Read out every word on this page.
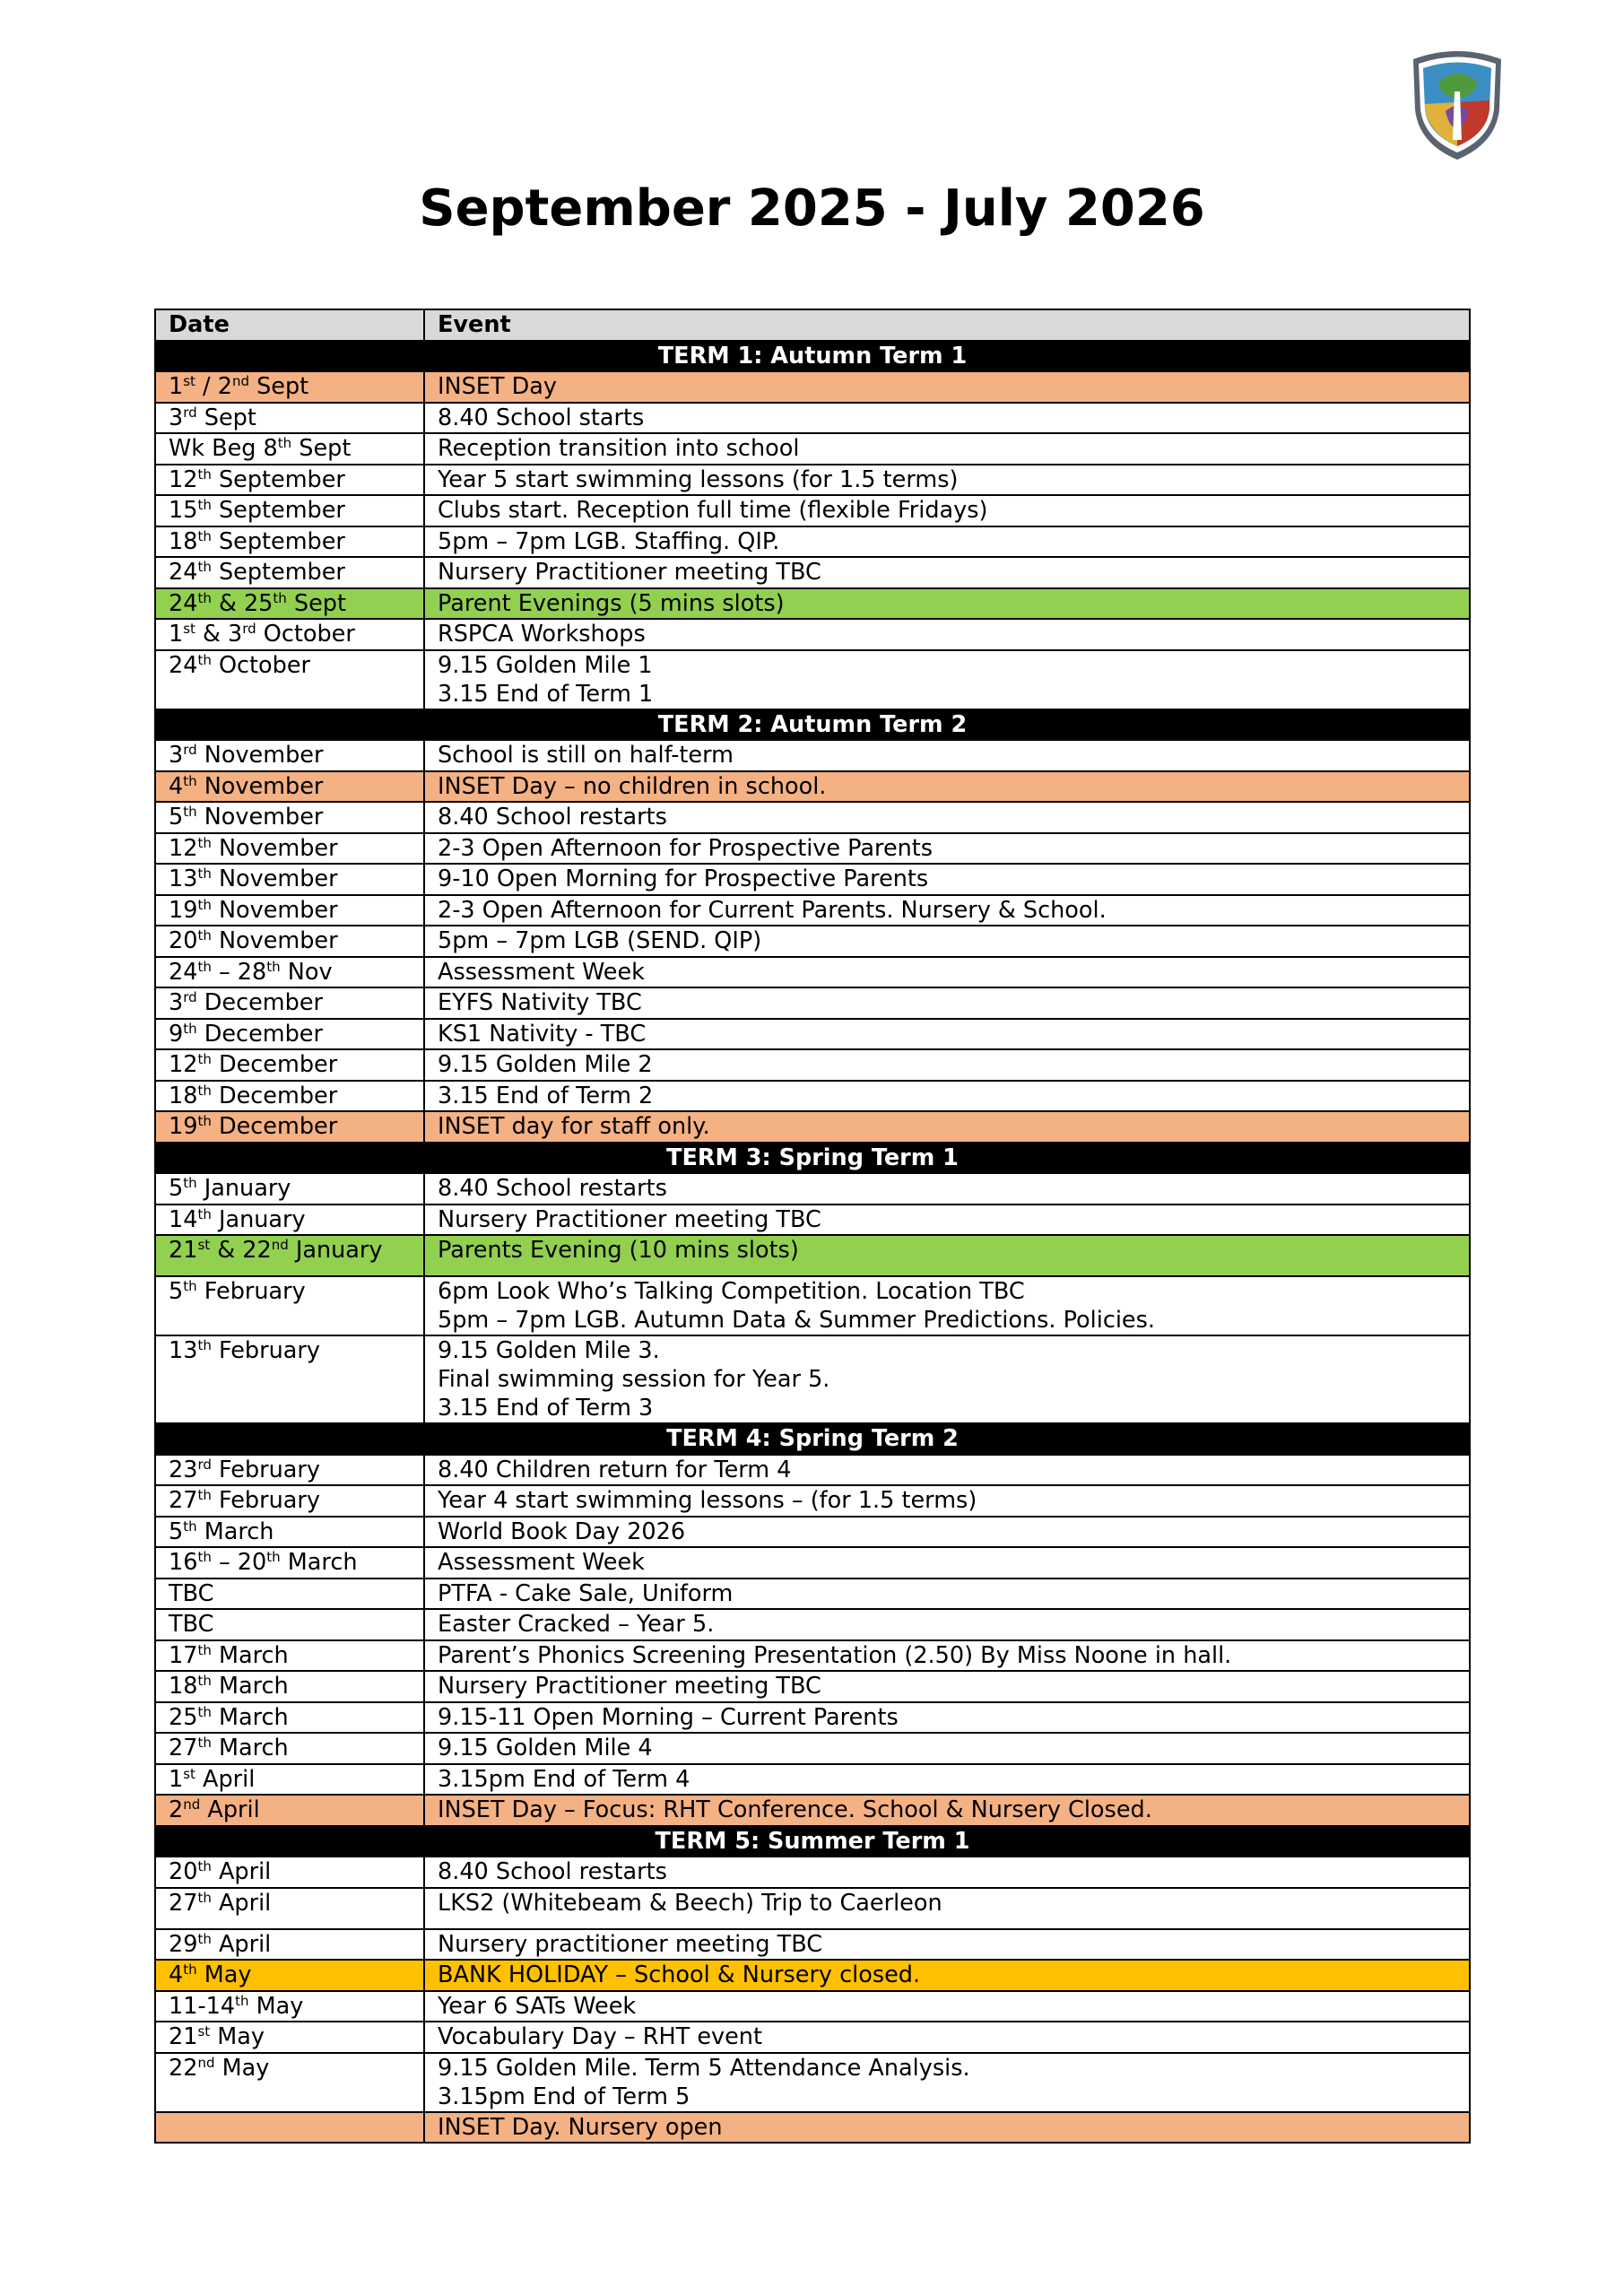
September 2025 - July 2026
Date	Event
TERM 1: Autumn Term 1	
1st / 2nd Sept	INSET Day

3rd Sept	8.40 School starts

Wk Beg 8th Sept	Reception transition into school

12th September	Year 5 start swimming lessons (for 1.5 terms)

15th September	Clubs start. Reception full time (flexible Fridays)

18th September	5pm – 7pm LGB. Staffing. QIP.

24th September	Nursery Practitioner meeting TBC

24th & 25th Sept	Parent Evenings (5 mins slots)

1st & 3rd October	RSPCA Workshops

24th October	9.15 Golden Mile 1
3.15 End of Term 1

TERM 2: Autumn Term 2	
3rd November	School is still on half-term

4th November	INSET Day – no children in school.

5th November	8.40 School restarts

12th November	2-3 Open Afternoon for Prospective Parents

13th November	9-10 Open Morning for Prospective Parents

19th November	2-3 Open Afternoon for Current Parents. Nursery & School.

20th November	5pm – 7pm LGB (SEND. QIP)

24th – 28th Nov	Assessment Week

3rd December	EYFS Nativity TBC

9th December	KS1 Nativity - TBC

12th December	9.15 Golden Mile 2

18th December	3.15 End of Term 2

19th December	INSET day for staff only.

TERM 3: Spring Term 1	
5th January	8.40 School restarts

14th January	Nursery Practitioner meeting TBC

21st & 22nd January	Parents Evening (10 mins slots)

5th February	6pm Look Who’s Talking Competition. Location TBC
5pm – 7pm LGB. Autumn Data & Summer Predictions. Policies.

13th February	9.15 Golden Mile 3.
Final swimming session for Year 5.
3.15 End of Term 3

TERM 4: Spring Term 2	
23rd February	8.40 Children return for Term 4

27th February	Year 4 start swimming lessons – (for 1.5 terms)

5th March	World Book Day 2026

16th – 20th March	Assessment Week

TBC	PTFA - Cake Sale, Uniform

TBC	Easter Cracked – Year 5.

17th March	Parent’s Phonics Screening Presentation (2.50) By Miss Noone in hall.

18th March	Nursery Practitioner meeting TBC

25th March	9.15-11 Open Morning – Current Parents

27th March	9.15 Golden Mile 4

1st April	3.15pm End of Term 4

2nd April	INSET Day – Focus: RHT Conference. School & Nursery Closed.

TERM 5: Summer Term 1	
20th April	8.40 School restarts

27th April	LKS2 (Whitebeam & Beech) Trip to Caerleon

29th April	Nursery practitioner meeting TBC

4th May	BANK HOLIDAY – School & Nursery closed.

11-14th May	Year 6 SATs Week

21st May	Vocabulary Day – RHT event

22nd May	9.15 Golden Mile. Term 5 Attendance Analysis.
3.15pm End of Term 5

	INSET Day. Nursery open
